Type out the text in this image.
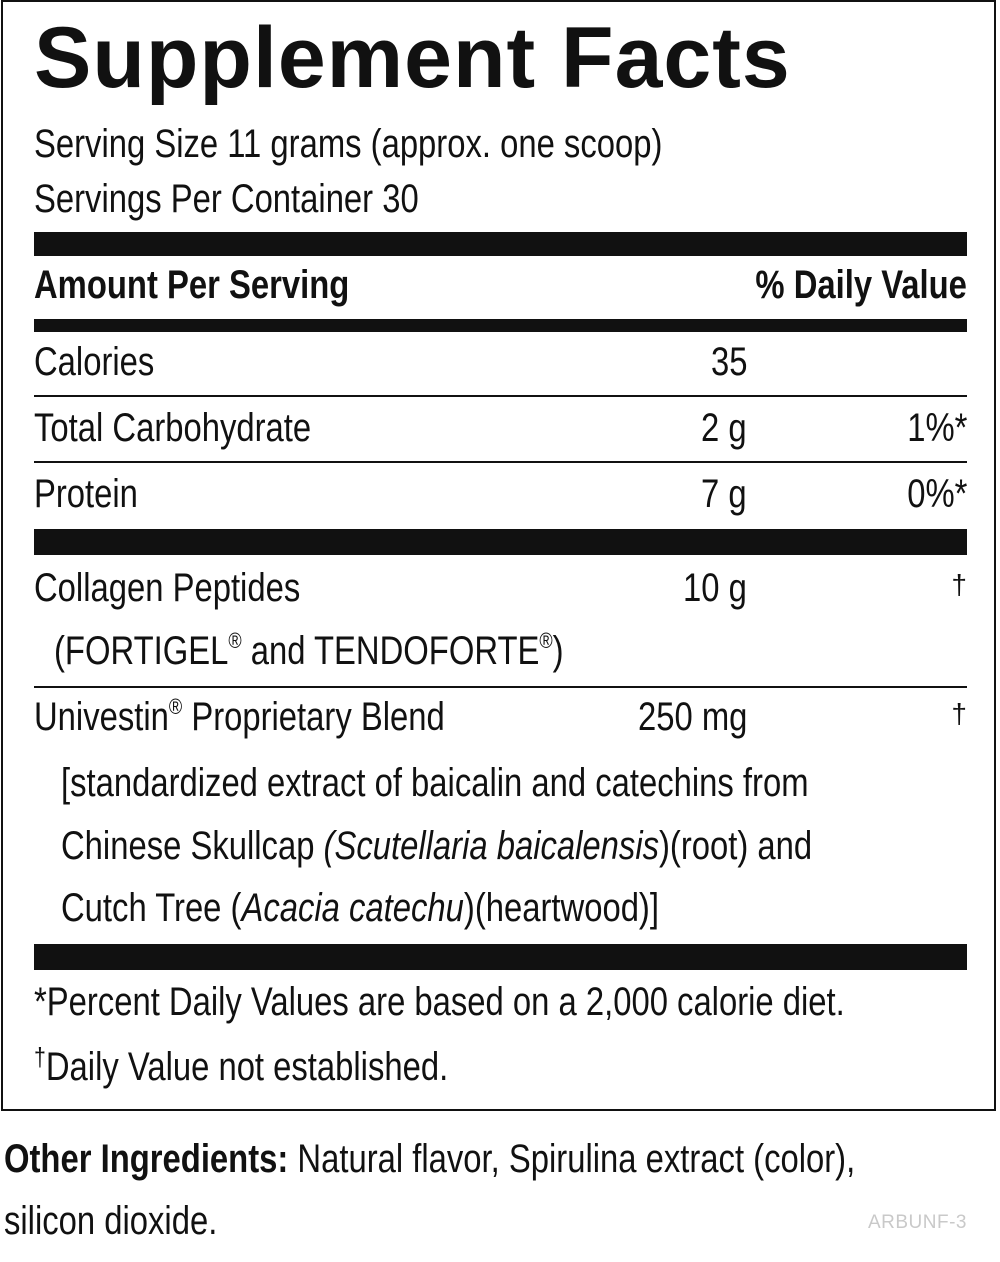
Supplement Facts
Serving Size 11 grams (approx. one scoop)
Servings Per Container 30
Amount Per Serving	% Daily Value
Calories	35
Total Carbohydrate	2 g	1%*
Protein	7 g	0%*
Collagen Peptides	10 g	†
(FORTIGEL® and TENDOFORTE®)
Univestin® Proprietary Blend	250 mg	†
[standardized extract of baicalin and catechins from
Chinese Skullcap (Scutellaria baicalensis)(root) and
Cutch Tree (Acacia catechu)(heartwood)]
*Percent Daily Values are based on a 2,000 calorie diet.
†Daily Value not established.
Other Ingredients: Natural flavor, Spirulina extract (color),
silicon dioxide.	ARBUNF-3
